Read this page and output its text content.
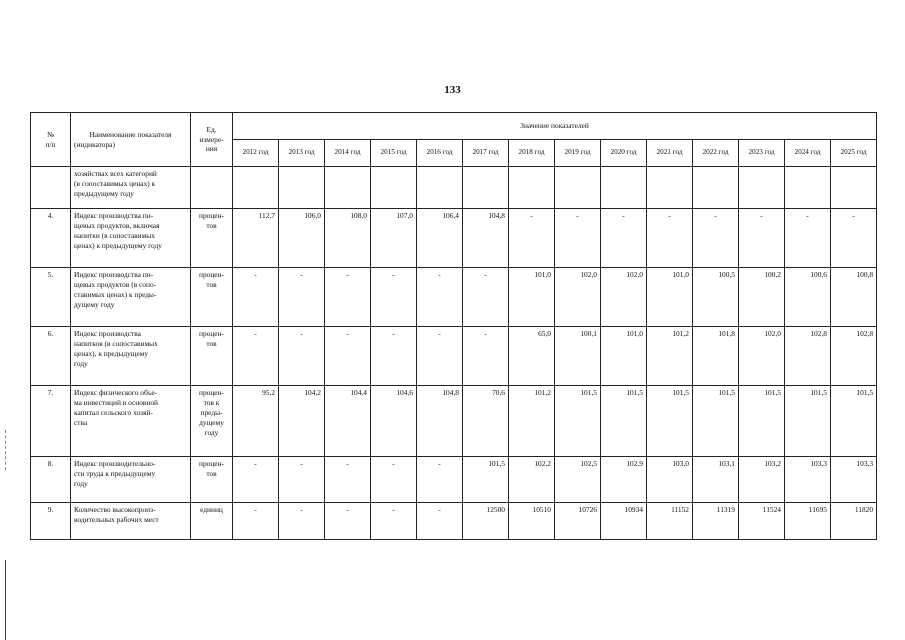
133
№
п/п	Наименование показателя (индикатора)	Ед.
измере-
ния	Значение показателей													
			2012 год	2013 год	2014 год	2015 год	2016 год	2017 год	2018 год	2019 год	2020 год	2021 год	2022 год	2023 год	2024 год	2025 год
	хозяйствах всех категорий
(в сопоставимых ценах) к
предыдущему году															
4.	Индекс производства пи-
щевых продуктов, включая
напитки (в сопоставимых
ценах) к предыдущему году	процен-
тов	112,7	106,0	108,0	107,0	106,4	104,8	-	-	-	-	-	-	-	-
5.	Индекс производства пи-
щевых продуктов (в сопо-
ставимых ценах) к преды-
дущему году	процен-
тов	-	-	-	-	-	-	101,0	102,0	102,0	101,0	100,5	100,2	100,6	100,8
6.	Индекс производства
напитков (в сопоставимых
ценах), к предыдущему
году	процен-
тов	-	-	-	-	-	-	65,0	100,1	101,0	101,2	101,8	102,0	102,8	102,8
7.	Индекс физического объе-
ма инвестиций в основной
капитал сельского хозяй-
ства	процен-
тов к
преды-
дущему
году	95,2	104,2	104,4	104,6	104,8	70,6	101,2	101,5	101,5	101,5	101,5	101,5	101,5	101,5
8.	Индекс производительно-
сти труда к предыдущему
году	процен-
тов	-	-	-	-	-	101,5	102,2	102,5	102,9	103,0	103,1	103,2	103,3	103,3
9.	Количество высокопроиз-
водительных рабочих мест	единиц	-	-	-	-	-	12500	10510	10726	10934	11152	11319	11524	11695	11820
